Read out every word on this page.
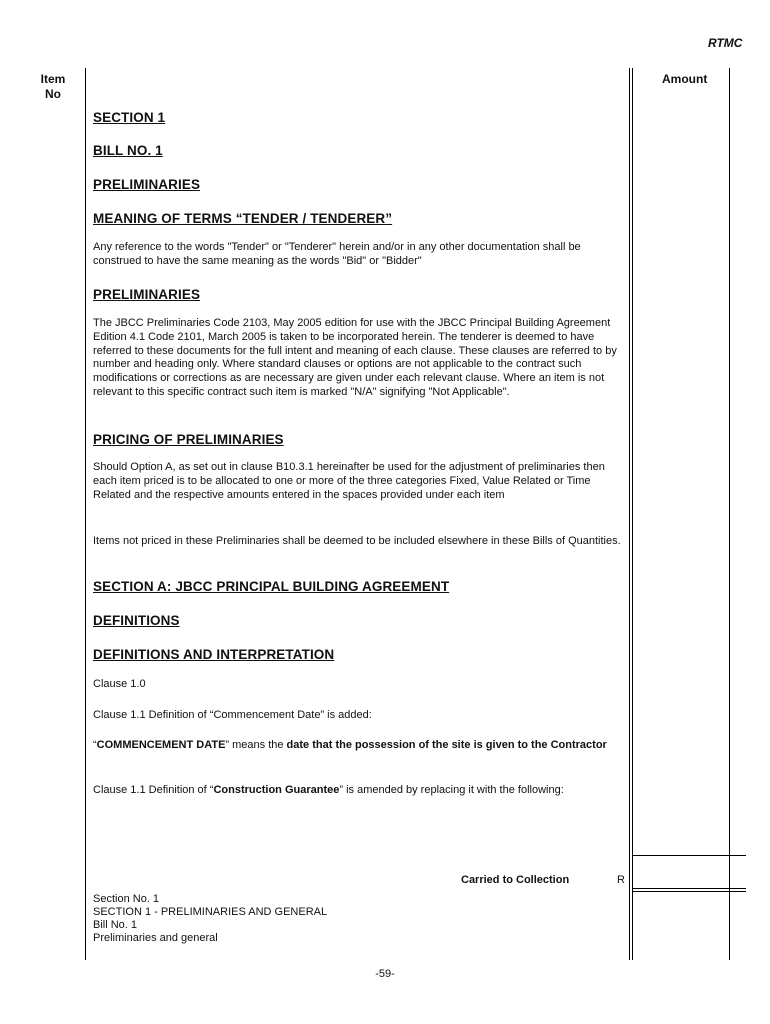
RTMC
Item
No
Amount
SECTION 1
BILL NO. 1
PRELIMINARIES
MEANING OF TERMS “TENDER / TENDERER”
Any reference to the words "Tender" or "Tenderer" herein and/or in any other documentation shall be construed to have the same meaning as the words "Bid" or "Bidder"
PRELIMINARIES
The JBCC Preliminaries Code 2103, May 2005 edition for use with the JBCC Principal Building Agreement Edition 4.1 Code 2101, March 2005 is taken to be incorporated herein. The tenderer is deemed to have referred to these documents for the full intent and meaning of each clause. These clauses are referred to by number and heading only. Where standard clauses or options are not applicable to the contract such modifications or corrections as are necessary are given under each relevant clause. Where an item is not relevant to this specific contract such item is marked "N/A" signifying "Not Applicable".
PRICING OF PRELIMINARIES
Should Option A, as set out in clause B10.3.1 hereinafter be used for the adjustment of preliminaries then each item priced is to be allocated to one or more of the three categories Fixed, Value Related or Time Related and the respective amounts entered in the spaces provided under each item
Items not priced in these Preliminaries shall be deemed to be included elsewhere in these Bills of Quantities.
SECTION A: JBCC PRINCIPAL BUILDING AGREEMENT
DEFINITIONS
DEFINITIONS AND INTERPRETATION
Clause 1.0
Clause 1.1 Definition of “Commencement Date” is added:
“COMMENCEMENT DATE” means the date that the possession of the site is given to the Contractor
Clause 1.1 Definition of “Construction Guarantee” is amended by replacing it with the following:
Carried to Collection	R
Section No. 1
SECTION 1 - PRELIMINARIES AND GENERAL
Bill No. 1
Preliminaries and general
-59-
